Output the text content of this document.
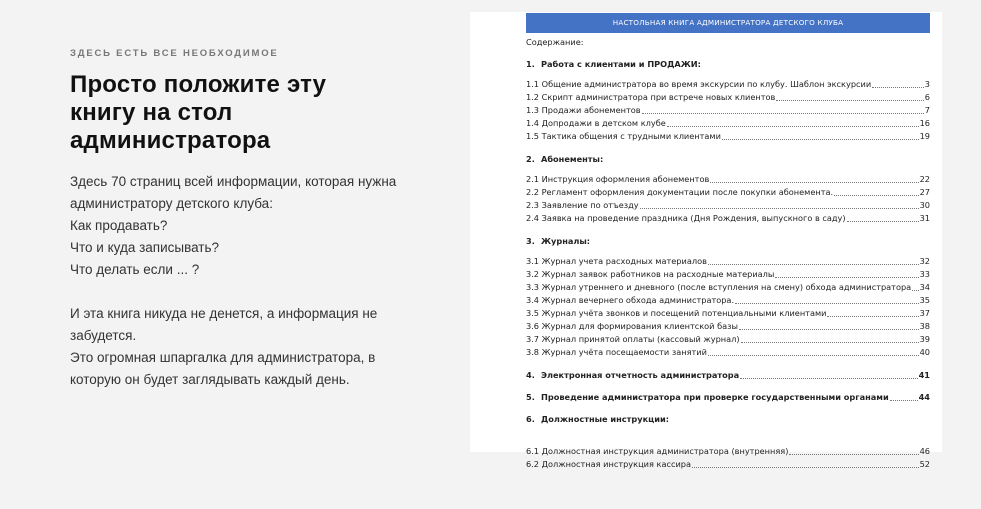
ЗДЕСЬ ЕСТЬ ВСЕ НЕОБХОДИМОЕ
Просто положите эту
книгу на стол
администратора

Здесь 70 страниц всей информации, которая нужна

администратору детского клуба:

Как продавать?

Что и куда записывать?

Что делать если ... ?

И эта книга никуда не денется, а информация не

забудется.

Это огромная шпаргалка для администратора, в

которую он будет заглядывать каждый день.

НАСТОЛЬНАЯ КНИГА АДМИНИСТРАТОРА ДЕТСКОГО КЛУБА
Содержание:
1. Работа с клиентами и ПРОДАЖИ:
1.1 Общение администратора во время экскурсии по клубу. Шаблон экскурсии	3
1.2 Скрипт администратора при встрече новых клиентов	6
1.3 Продажи абонементов	7
1.4 Допродажи в детском клубе	16
1.5 Тактика общения с трудными клиентами	19
2. Абонементы:
2.1 Инструкция оформления абонементов	22
2.2 Регламент оформления документации после покупки абонемента.	27
2.3 Заявление по отъезду	30
2.4 Заявка на проведение праздника (Дня Рождения, выпускного в саду)	31
3. Журналы:
3.1 Журнал учета расходных материалов	32
3.2 Журнал заявок работников на расходные материалы	33
3.3 Журнал утреннего и дневного (после вступления на смену) обхода администратора 34
3.4 Журнал вечернего обхода администратора.	35
3.5 Журнал учёта звонков и посещений потенциальными клиентами	37
3.6 Журнал для формирования клиентской базы	38
3.7 Журнал принятой оплаты (кассовый журнал)	39
3.8 Журнал учёта посещаемости занятий	40
4. Электронная отчетность администратора	41
5. Проведение администратора при проверке государственными органами	44
6. Должностные инструкции:
6.1 Должностная инструкция администратора (внутренняя)	46
6.2 Должностная инструкция кассира	52
